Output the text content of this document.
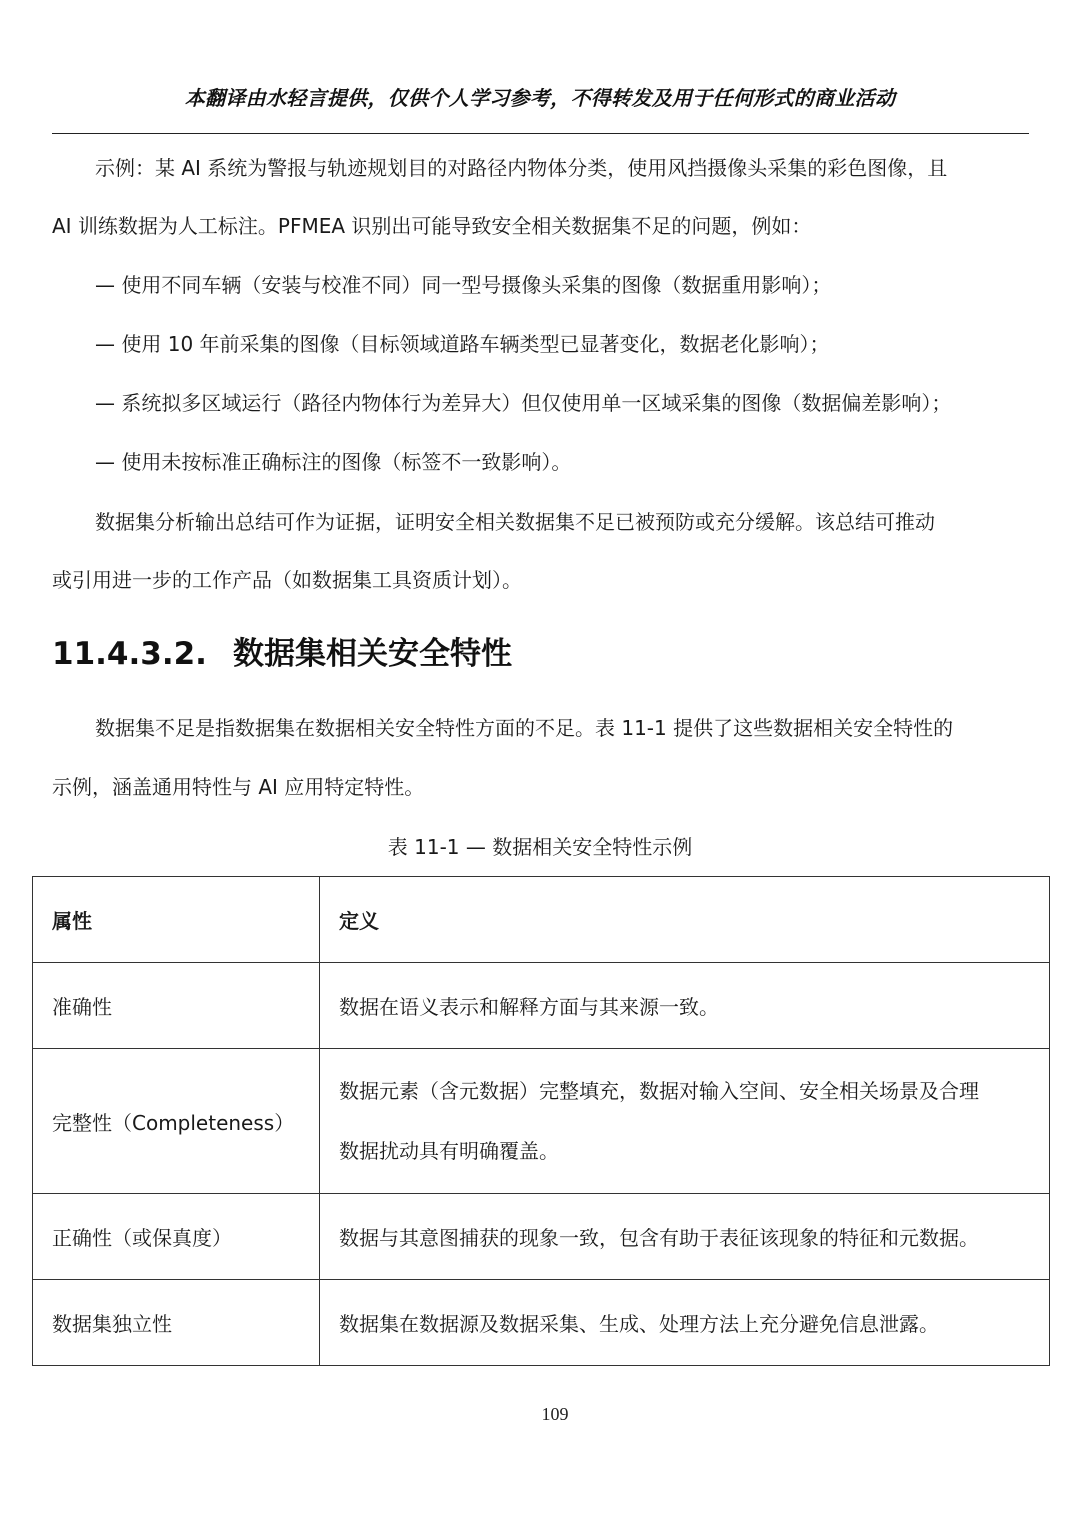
本翻译由水轻言提供，仅供个人学习参考，不得转发及用于任何形式的商业活动
示例：某 AI 系统为警报与轨迹规划目的对路径内物体分类，使用风挡摄像头采集的彩色图像，且
AI 训练数据为人工标注。PFMEA 识别出可能导致安全相关数据集不足的问题，例如：
— 使用不同车辆（安装与校准不同）同一型号摄像头采集的图像（数据重用影响）；
— 使用 10 年前采集的图像（目标领域道路车辆类型已显著变化，数据老化影响）；
— 系统拟多区域运行（路径内物体行为差异大）但仅使用单一区域采集的图像（数据偏差影响）；
— 使用未按标准正确标注的图像（标签不一致影响）。
数据集分析输出总结可作为证据，证明安全相关数据集不足已被预防或充分缓解。该总结可推动
或引用进一步的工作产品（如数据集工具资质计划）。
11.4.3.2. 数据集相关安全特性
数据集不足是指数据集在数据相关安全特性方面的不足。表 11-1 提供了这些数据相关安全特性的
示例，涵盖通用特性与 AI 应用特定特性。
表 11-1 — 数据相关安全特性示例
属性	定义
准确性	数据在语义表示和解释方面与其来源一致。
完整性（Completeness）	数据元素（含元数据）完整填充，数据对输入空间、安全相关场景及合理
数据扰动具有明确覆盖。

正确性（或保真度）	数据与其意图捕获的现象一致，包含有助于表征该现象的特征和元数据。
数据集独立性	数据集在数据源及数据采集、生成、处理方法上充分避免信息泄露。
109
